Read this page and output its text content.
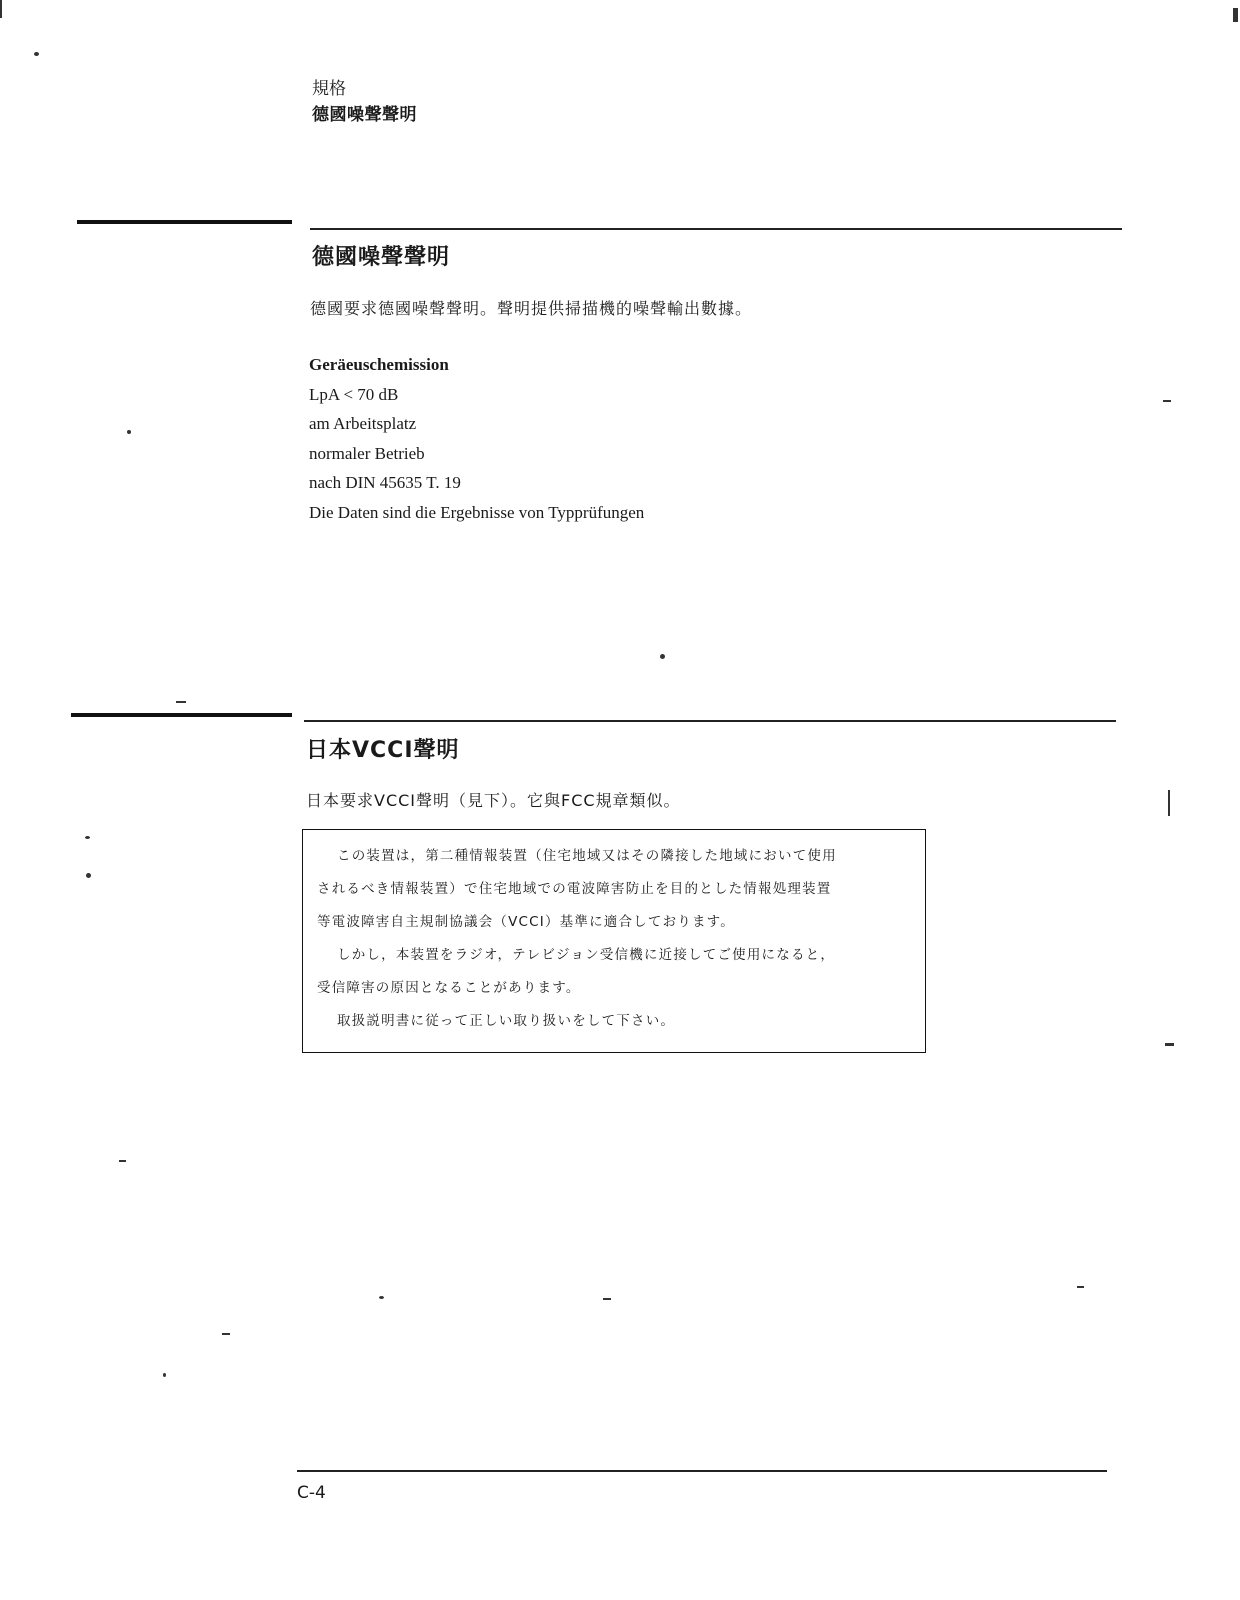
規格
德國噪聲聲明
德國噪聲聲明
德國要求德國噪聲聲明。聲明提供掃描機的噪聲輸出數據。
Geräeuschemission
LpA < 70 dB
am Arbeitsplatz
normaler Betrieb
nach DIN 45635 T. 19
Die Daten sind die Ergebnisse von Typprüfungen
日本VCCI聲明
日本要求VCCI聲明（見下）。它與FCC規章類似。
この装置は，第二種情報装置（住宅地域又はその隣接した地域において使用
されるべき情報装置）で住宅地域での電波障害防止を目的とした情報処理装置
等電波障害自主規制協議会（VCCI）基準に適合しております。
しかし，本装置をラジオ，テレビジョン受信機に近接してご使用になると，
受信障害の原因となることがあります。
取扱説明書に従って正しい取り扱いをして下さい。
C-4
